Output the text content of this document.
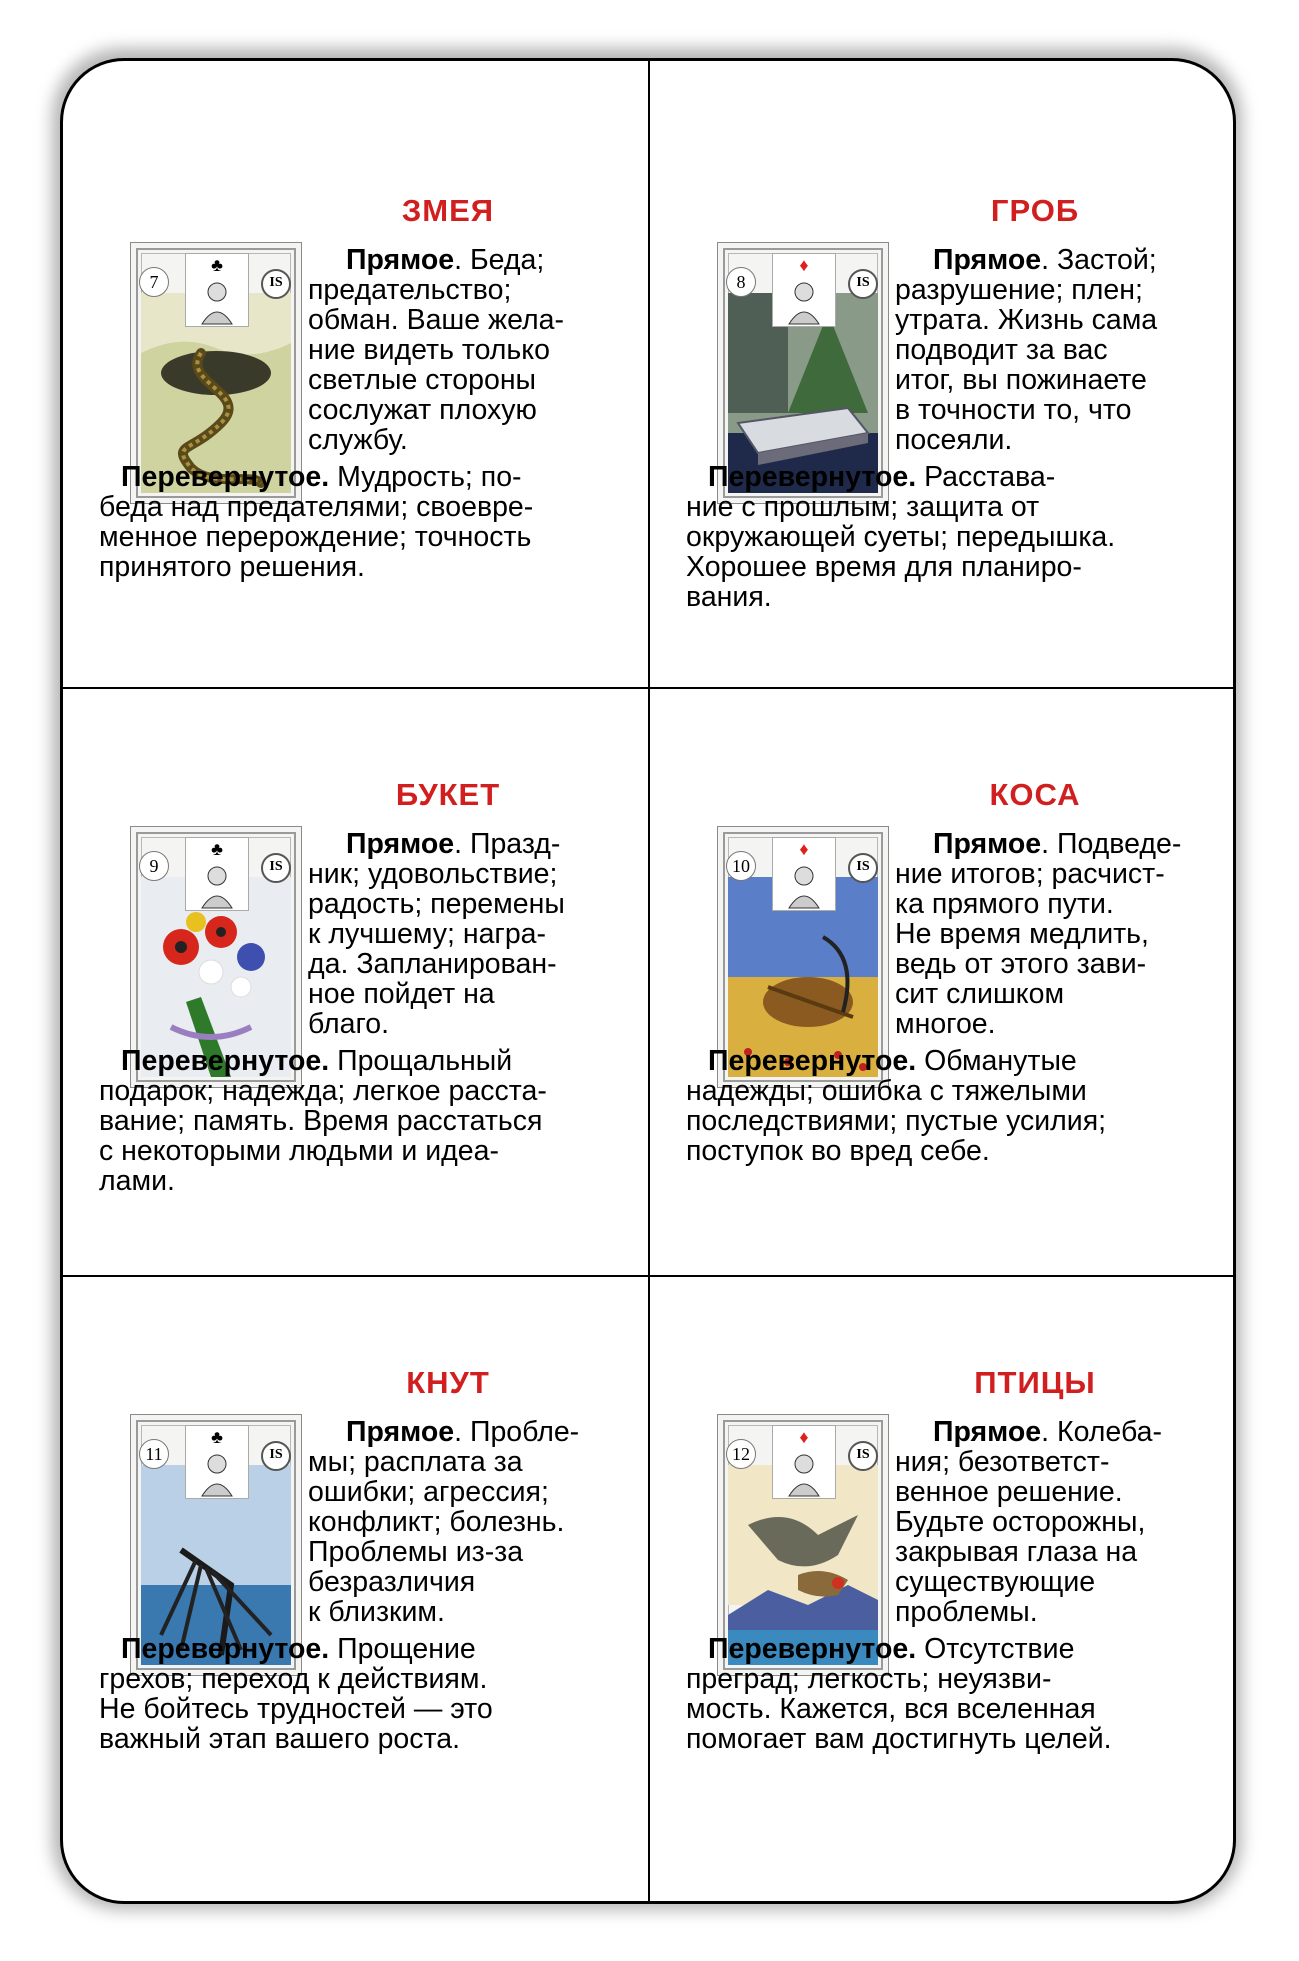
ЗМЕЯ
7	IS
♣	Прямое. Беда;
предательство;
обман. Ваше жела-
ние видеть только
светлые стороны
сослужат плохую
службу.
Перевернутое. Мудрость; по-
беда над предателями; своевре-
менное перерождение; точность
принятого решения.
ГРОБ
8	IS
♦	Прямое. Застой;
разрушение; плен;
утрата. Жизнь сама
подводит за вас
итог, вы пожинаете
в точности то, что
посеяли.
Перевернутое. Расстава-
ние с прошлым; защита от
окружающей суеты; передышка.
Хорошее время для планиро-
вания.
БУКЕТ
9	IS
♣	Прямое. Празд-
ник; удовольствие;
радость; перемены
к лучшему; награ-
да. Запланирован-
ное пойдет на
благо.
Перевернутое. Прощальный
подарок; надежда; легкое расста-
вание; память. Время расстаться
с некоторыми людьми и идеа-
лами.
КОСА
10	IS
♦	Прямое. Подведе-
ние итогов; расчист-
ка прямого пути.
Не время медлить,
ведь от этого зави-
сит слишком
многое.
Перевернутое. Обманутые
надежды; ошибка с тяжелыми
последствиями; пустые усилия;
поступок во вред себе.
КНУТ
11	IS
♣	Прямое. Пробле-
мы; расплата за
ошибки; агрессия;
конфликт; болезнь.
Проблемы из-за
безразличия
к близким.
Перевернутое. Прощение
грехов; переход к действиям.
Не бойтесь трудностей — это
важный этап вашего роста.
ПТИЦЫ
12	IS
♦	Прямое. Колеба-
ния; безответст-
венное решение.
Будьте осторожны,
закрывая глаза на
существующие
проблемы.
Перевернутое. Отсутствие
преград; легкость; неуязви-
мость. Кажется, вся вселенная
помогает вам достигнуть целей.
